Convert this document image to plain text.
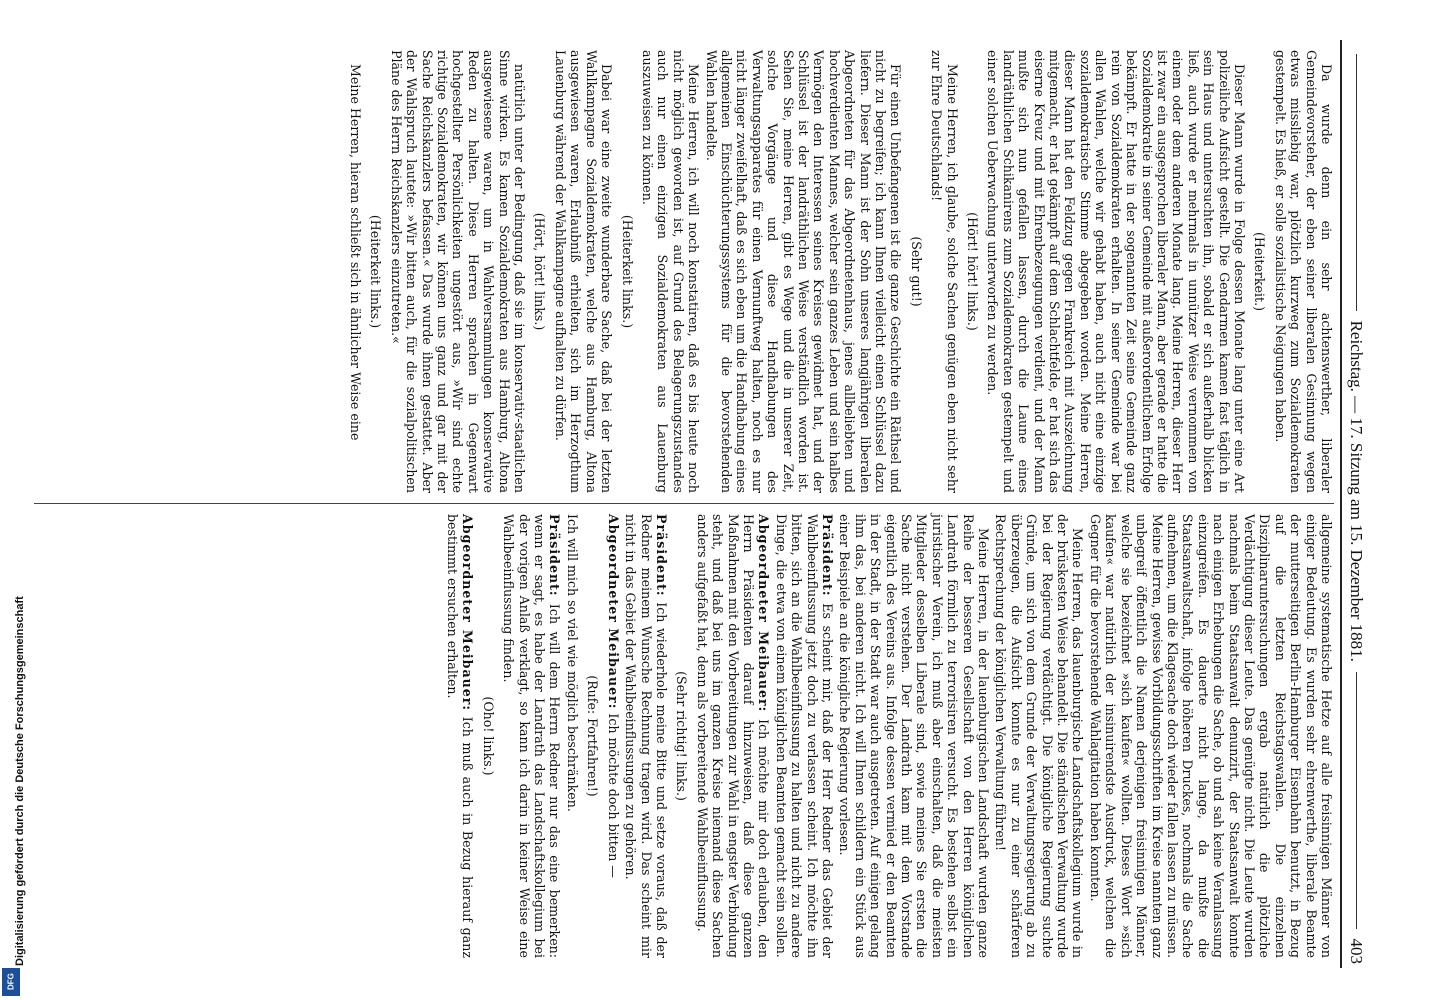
Reichstag. — 17. Sitzung am 15. Dezember 1881.
403

Da wurde denn ein sehr achtenswerther, liberaler Gemeindevorsteher, der eben seiner liberalen Gesinnung wegen etwas missliebig war, plötzlich kurzweg zum Sozialdemokraten gestempelt. Es hieß, er solle sozialistische Neigungen haben.

(Heiterkeit.)

Dieser Mann wurde in Folge dessen Monate lang unter eine Art polizeiliche Aufsicht gestellt. Die Gendarmen kamen fast täglich in sein Haus und untersuchten ihn, sobald er sich außerhalb blicken ließ, auch wurde er mehrmals in unnützer Weise vernommen von einem oder dem anderen Monate lang. Meine Herren, dieser Herr ist zwar ein ausgesprochen liberaler Mann, aber gerade er hatte die Sozialdemokratie in seiner Gemeinde mit außerordentlichem Erfolge bekämpft. Er hatte in der sogenannten Zeit seine Gemeinde ganz rein von Sozialdemokraten erhalten. In seiner Gemeinde war bei allen Wahlen, welche wir gehabt haben, auch nicht eine einzige sozialdemokratische Stimme abgegeben worden. Meine Herren, dieser Mann hat den Feldzug gegen Frankreich mit Auszeichnung mitgemacht, er hat gekämpft auf dem Schlachtfelde, er hat sich das eiserne Kreuz und mit Ehrenbezeugungen verdient, und der Mann mußte sich nun gefallen lassen, durch die Laune eines landräthlichen Schikanirens zum Sozialdemokraten gestempelt und einer solchen Ueberwachung unterworfen zu werden.

(Hört! hört! links.)

Meine Herren, ich glaube, solche Sachen genügen eben nicht sehr zur Ehre Deutschlands!

(Sehr gut!)

Für einen Unbefangenen ist die ganze Geschichte ein Räthsel und nicht zu begreifen; ich kann Ihnen vielleicht einen Schlüssel dazu liefern. Dieser Mann ist der Sohn unseres langjährigen liberalen Abgeordneten für das Abgeordnetenhaus, jenes allbeliebten und hochverdienten Mannes, welcher sein ganzes Leben und sein halbes Vermögen den Interessen seines Kreises gewidmet hat, und der Schlüssel ist der landräthlichen Weise verständlich worden ist. Sehen Sie, meine Herren, gibt es Wege und die in unserer Zeit, solche Vorgänge und diese Handhabungen des Verwaltungsapparates für einen Vernunftweg halten, noch es nur nicht länger zweifelhaft, daß es sich eben um die Handhabung eines allgemeinen Einschüchterungssystems für die bevorstehenden Wahlen handelte.

Meine Herren, ich will noch konstatiren, daß es bis heute noch nicht möglich geworden ist, auf Grund des Belagerungszustandes auch nur einen einzigen Sozialdemokraten aus Lauenburg auszuweisen zu können.

(Heiterkeit links.)

Dabei war eine zweite wunderbare Sache, daß bei der letzten Wahlkampagne Sozialdemokraten, welche aus Hamburg, Altona ausgewiesen waren, Erlaubniß erhielten, sich im Herzogthum Lauenburg während der Wahlkampagne aufhalten zu dürfen.

(Hört, hört! links.)

natürlich unter der Bedingung, daß sie im konservativ-staatlichen Sinne wirken. Es kamen Sozialdemokraten aus Hamburg, Altona ausgewiesene waren, um in Wahlversammlungen konservative Reden zu halten. Diese Herren sprachen in Gegenwart hochgestellter Persönlichkeiten ungestört aus, »Wir sind echte richtige Sozialdemokraten, wir können uns ganz und gar mit der Sache Reichskanzlers befassen.« Das wurde ihnen gestattet. Aber der Wahlspruch lautete: »Wir bitten auch, für die sozialpolitischen Pläne des Herrn Reichskanzlers einzutreten.«

(Heiterkeit links.)

Meine Herren, hieran schließt sich in ähnlicher Weise eine

allgemeine systematische Hetze auf alle freisinnigen Männer von einiger Bedeutung. Es wurden sehr ehrenwerthe, liberale Beamte der mutterseitigen Berlin-Hamburger Eisenbahn benutzt, in Bezug auf die letzten Reichstagswahlen. Die einzelnen Disziplinaruntersuchungen ergab natürlich die plötzliche Verdächtigung dieser Leute. Das genügte nicht. Die Leute wurden nachmals beim Staatsanwalt denunzirt, der Staatsanwalt konnte nach einigen Erhebungen die Sache, ob und sah keine Veranlassung einzugreifen. Es dauerte nicht lange, da mußte die Staatsanwaltschaft, infolge höheren Druckes, nochmals die Sache aufnehmen, um die Klagesache doch wieder fallen lassen zu müssen. Meine Herren, gewisse Vorbildungsschriften im Kreise nannten ganz unbegreif öffentlich die Namen derjenigen freisinnigen Männer, welche sie bezeichnet »sich kaufen« wollten. Dieses Wort »sich kaufen« war natürlich der insinuirendste Ausdruck, welchen die Gegner für die bevorstehende Wahlagitation haben konnten.

Meine Herren, das lauenburgische Landschaftskollegium wurde in der brüskesten Weise behandelt. Die ständischen Verwaltung wurde bei der Regierung verdächtigt. Die königliche Regierung suchte Gründe, um sich von dem Grunde der Verwaltungsregierung ab zu überzeugen, die Aufsicht konnte es nur zu einer schärferen Rechtsprechung der königlichen Verwaltung führen!

Meine Herren, in der lauenburgischen Landschaft wurden ganze Reihe der besseren Gesellschaft von den Herren königlichen Landrath förmlich zu terrorisiren versucht. Es bestehen selbst ein juristischer Verein, ich muß aber einschalten, daß die meisten Mitglieder desselben Liberale sind, sowie meines Sie ersten die Sache nicht verstehen. Der Landrath kam mit dem Vorstande eigentlich des Vereins aus. Infolge dessen vermied er den Beamten in der Stadt, in der Stadt war auch ausgetreten. Auf einigen gelang ihm das, bei anderen nicht. Ich will Ihnen schildern ein Stück aus einer Beispiele an die königliche Regierung vorlesen.

Präsident: Es scheint mir, daß der Herr Redner das Gebiet der Wahlbeeinflussung jetzt doch zu verlassen scheint. Ich möchte ihn bitten, sich an die Wahlbeeinflussung zu halten und nicht zu andere Dinge, die etwa von einem königlichen Beamten gemacht sein sollen.

Abgeordneter Meibauer: Ich möchte mir doch erlauben, den Herrn Präsidenten darauf hinzuweisen, daß diese ganzen Maßnahmen mit den Vorbereitungen zur Wahl in engster Verbindung steht, und daß bei uns im ganzen Kreise niemand diese Sachen anders aufgefaßt hat, denn als vorbereitende Wahlbeeinflussung.

(Sehr richtig! links.)

Präsident: Ich wiederhole meine Bitte und setze voraus, daß der Redner meinem Wunsche Rechnung tragen wird. Das scheint mir nicht in das Gebiet der Wahlbeeinflussungen zu gehören.

Abgeordneter Meibauer: Ich möchte doch bitten —

(Rufe: Fortfahren!)

Ich will mich so viel wie möglich beschränken.

Präsident: Ich will dem Herrn Redner nur das eine bemerken: wenn er sagt, es habe der Landrath das Landschaftskollegium bei der vorigen Anlaß verklagt, so kann ich darin in keiner Weise eine Wahlbeeinflussung finden.

(Oho! links.)

Abgeordneter Meibauer: Ich muß auch in Bezug hierauf ganz bestimmt ersuchen erhalten.

Digitalisierung gefördert durch die Deutsche Forschungsgemeinschaft
DFG
